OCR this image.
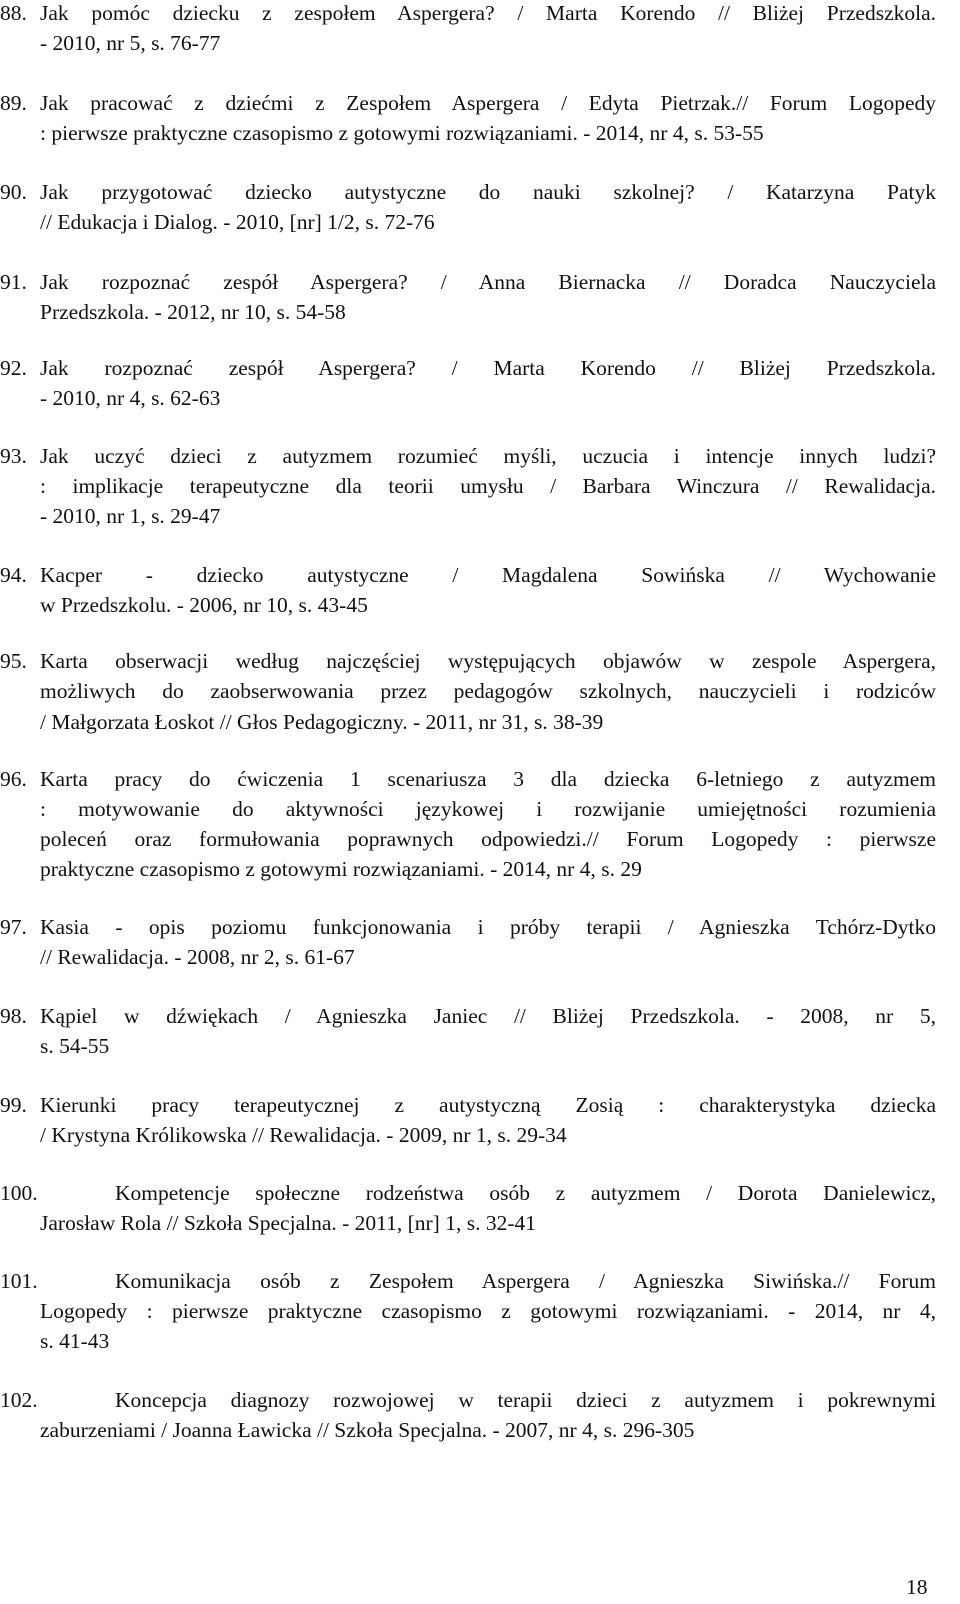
88. Jak pomóc dziecku z zespołem Aspergera? / Marta Korendo // Bliżej Przedszkola.
- 2010, nr 5, s. 76-77
89. Jak pracować z dziećmi z Zespołem Aspergera / Edyta Pietrzak.// Forum Logopedy
: pierwsze praktyczne czasopismo z gotowymi rozwiązaniami. - 2014, nr 4, s. 53-55
90. Jak przygotować dziecko autystyczne do nauki szkolnej? / Katarzyna Patyk
// Edukacja i Dialog. - 2010, [nr] 1/2, s. 72-76
91. Jak rozpoznać zespół Aspergera? / Anna Biernacka // Doradca Nauczyciela
Przedszkola. - 2012, nr 10, s. 54-58
92. Jak rozpoznać zespół Aspergera? / Marta Korendo // Bliżej Przedszkola.
- 2010, nr 4, s. 62-63
93. Jak uczyć dzieci z autyzmem rozumieć myśli, uczucia i intencje innych ludzi?
: implikacje terapeutyczne dla teorii umysłu / Barbara Winczura // Rewalidacja.
- 2010, nr 1, s. 29-47
94. Kacper - dziecko autystyczne / Magdalena Sowińska // Wychowanie
w Przedszkolu. - 2006, nr 10, s. 43-45
95. Karta obserwacji według najczęściej występujących objawów w zespole Aspergera,
możliwych do zaobserwowania przez pedagogów szkolnych, nauczycieli i rodziców
/ Małgorzata Łoskot // Głos Pedagogiczny. - 2011, nr 31, s. 38-39
96. Karta pracy do ćwiczenia 1 scenariusza 3 dla dziecka 6-letniego z autyzmem
: motywowanie do aktywności językowej i rozwijanie umiejętności rozumienia
poleceń oraz formułowania poprawnych odpowiedzi.// Forum Logopedy : pierwsze
praktyczne czasopismo z gotowymi rozwiązaniami. - 2014, nr 4, s. 29
97. Kasia - opis poziomu funkcjonowania i próby terapii / Agnieszka Tchórz-Dytko
// Rewalidacja. - 2008, nr 2, s. 61-67
98. Kąpiel w dźwiękach / Agnieszka Janiec // Bliżej Przedszkola. - 2008, nr 5,
s. 54-55
99. Kierunki pracy terapeutycznej z autystyczną Zosią : charakterystyka dziecka
/ Krystyna Królikowska // Rewalidacja. - 2009, nr 1, s. 29-34
100.	Kompetencje społeczne rodzeństwa osób z autyzmem / Dorota Danielewicz,
Jarosław Rola // Szkoła Specjalna. - 2011, [nr] 1, s. 32-41
101.	Komunikacja osób z Zespołem Aspergera / Agnieszka Siwińska.// Forum
Logopedy : pierwsze praktyczne czasopismo z gotowymi rozwiązaniami. - 2014, nr 4,
s. 41-43
102.	Koncepcja diagnozy rozwojowej w terapii dzieci z autyzmem i pokrewnymi
zaburzeniami / Joanna Ławicka // Szkoła Specjalna. - 2007, nr 4, s. 296-305
18
